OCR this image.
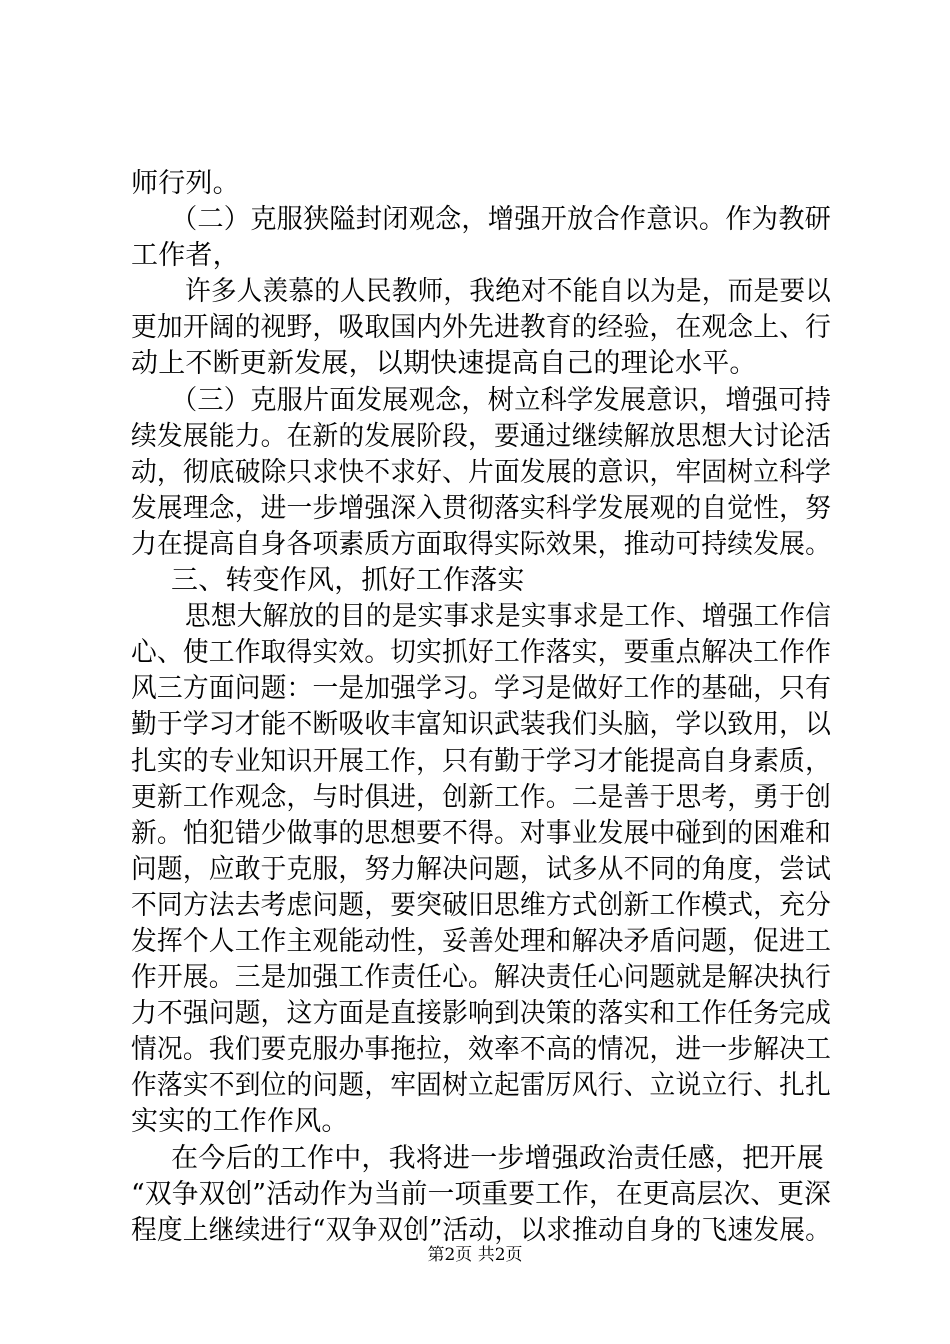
师行列。
（二）克服狭隘封闭观念，增强开放合作意识。作为教研
工作者，
许多人羡慕的人民教师，我绝对不能自以为是，而是要以
更加开阔的视野，吸取国内外先进教育的经验，在观念上、行
动上不断更新发展，以期快速提高自己的理论水平。
（三）克服片面发展观念，树立科学发展意识，增强可持
续发展能力。在新的发展阶段，要通过继续解放思想大讨论活
动，彻底破除只求快不求好、片面发展的意识，牢固树立科学
发展理念，进一步增强深入贯彻落实科学发展观的自觉性，努
力在提高自身各项素质方面取得实际效果，推动可持续发展。
三、转变作风，抓好工作落实
思想大解放的目的是实事求是实事求是工作、增强工作信
心、使工作取得实效。切实抓好工作落实，要重点解决工作作
风三方面问题：一是加强学习。学习是做好工作的基础，只有
勤于学习才能不断吸收丰富知识武装我们头脑，学以致用，以
扎实的专业知识开展工作，只有勤于学习才能提高自身素质，
更新工作观念，与时俱进，创新工作。二是善于思考，勇于创
新。怕犯错少做事的思想要不得。对事业发展中碰到的困难和
问题，应敢于克服，努力解决问题，试多从不同的角度，尝试
不同方法去考虑问题，要突破旧思维方式创新工作模式，充分
发挥个人工作主观能动性，妥善处理和解决矛盾问题，促进工
作开展。三是加强工作责任心。解决责任心问题就是解决执行
力不强问题，这方面是直接影响到决策的落实和工作任务完成
情况。我们要克服办事拖拉，效率不高的情况，进一步解决工
作落实不到位的问题，牢固树立起雷厉风行、立说立行、扎扎
实实的工作作风。
在今后的工作中，我将进一步增强政治责任感，把开展
“双争双创”活动作为当前一项重要工作，在更高层次、更深
程度上继续进行“双争双创”活动，以求推动自身的飞速发展。
第2页 共2页
